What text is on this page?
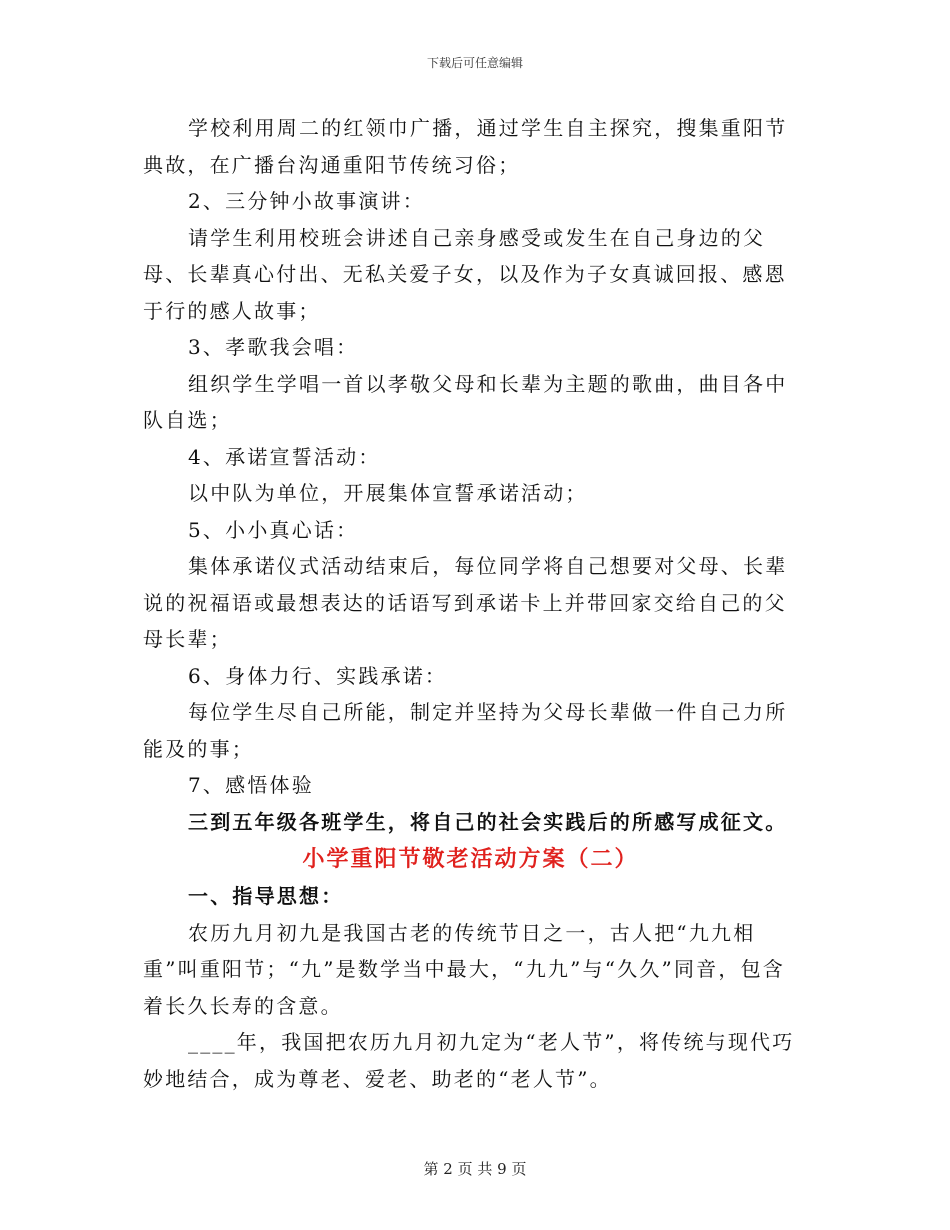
下载后可任意编辑

学校利用周二的红领巾广播，通过学生自主探究，搜集重阳节典故，在广播台沟通重阳节传统习俗；

2、三分钟小故事演讲：

请学生利用校班会讲述自己亲身感受或发生在自己身边的父母、长辈真心付出、无私关爱子女，以及作为子女真诚回报、感恩于行的感人故事；

3、孝歌我会唱：

组织学生学唱一首以孝敬父母和长辈为主题的歌曲，曲目各中队自选；

4、承诺宣誓活动：

以中队为单位，开展集体宣誓承诺活动；

5、小小真心话：

集体承诺仪式活动结束后，每位同学将自己想要对父母、长辈说的祝福语或最想表达的话语写到承诺卡上并带回家交给自己的父母长辈；

6、身体力行、实践承诺：

每位学生尽自己所能，制定并坚持为父母长辈做一件自己力所能及的事；

7、感悟体验

三到五年级各班学生，将自己的社会实践后的所感写成征文。

小学重阳节敬老活动方案（二）

一、指导思想：

农历九月初九是我国古老的传统节日之一，古人把“九九相重”叫重阳节；“九”是数学当中最大，“九九”与“久久”同音，包含着长久长寿的含意。

____年，我国把农历九月初九定为“老人节”，将传统与现代巧妙地结合，成为尊老、爱老、助老的“老人节”。

第 2 页 共 9 页
